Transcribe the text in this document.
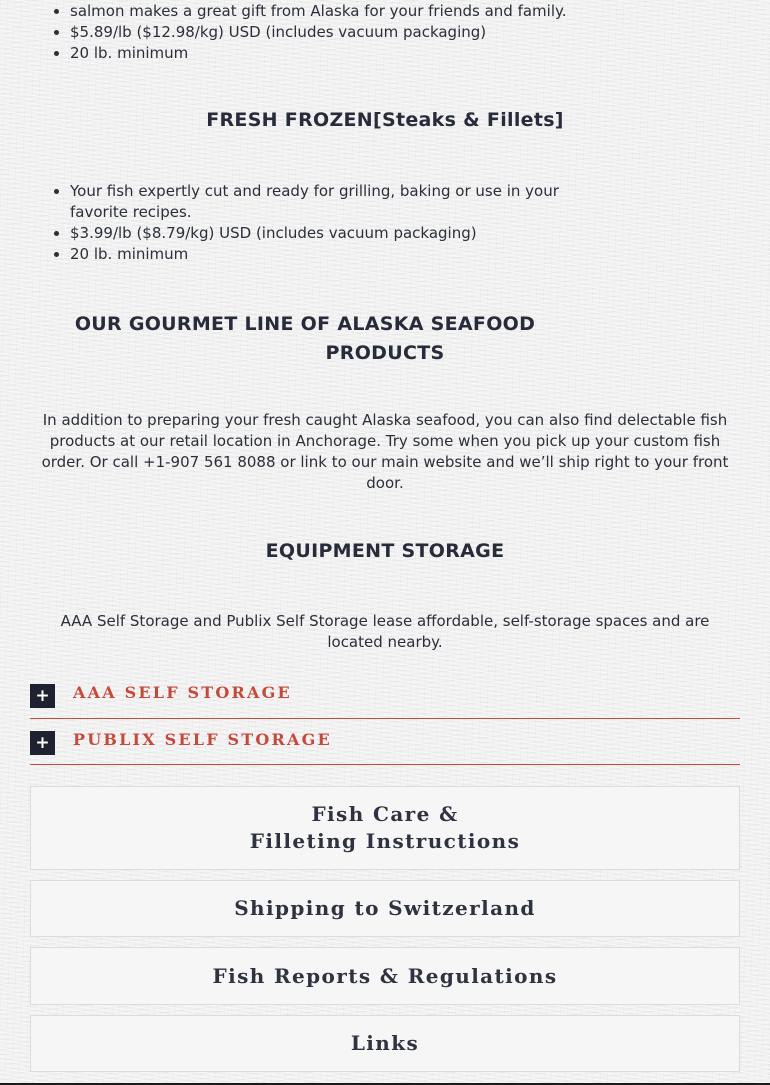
• salmon makes a great gift from Alaska for your friends and family.
• $5.89/lb ($12.98/kg) USD (includes vacuum packaging)
• 20 lb. minimum
FRESH FROZEN[Steaks & Fillets]
• Your fish expertly cut and ready for grilling, baking or use in your favorite recipes.
• $3.99/lb ($8.79/kg) USD (includes vacuum packaging)
• 20 lb. minimum
OUR GOURMET LINE OF ALASKA SEAFOOD
PRODUCTS
In addition to preparing your fresh caught Alaska seafood, you can also find delectable fish products at our retail location in Anchorage. Try some when you pick up your custom fish order. Or call +1-907 561 8088 or link to our main website and we’ll ship right to your front door.
EQUIPMENT STORAGE
AAA Self Storage and Publix Self Storage lease affordable, self-storage spaces and are located nearby.
+	AAA SELF STORAGE
+	PUBLIX SELF STORAGE
Fish Care &
Filleting Instructions
Shipping to Switzerland
Fish Reports & Regulations
Links
